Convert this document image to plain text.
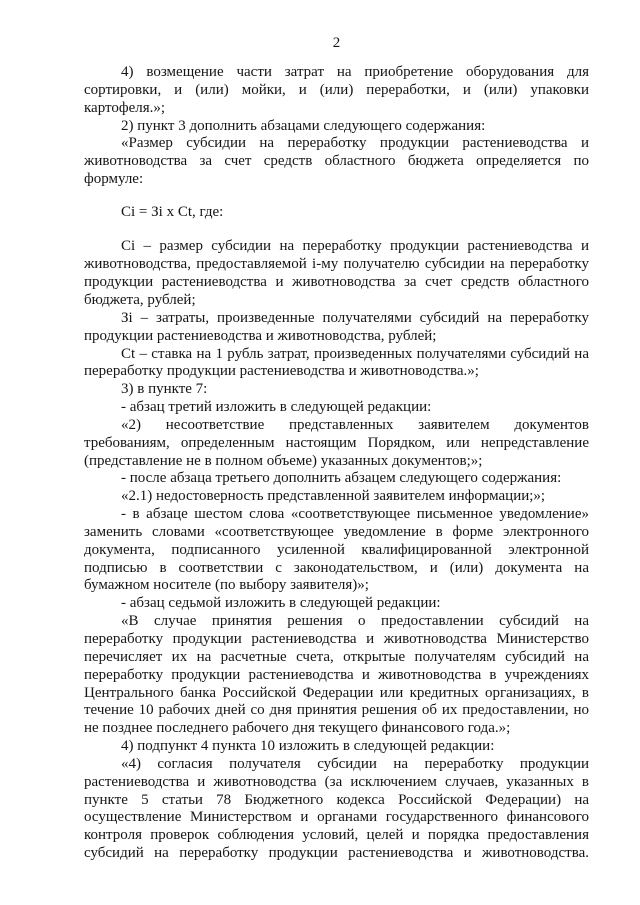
2
4) возмещение части затрат на приобретение оборудования для
сортировки, и (или) мойки, и (или) переработки, и (или) упаковки
картофеля.»;
2) пункт 3 дополнить абзацами следующего содержания:
«Размер субсидии на переработку продукции растениеводства и
животноводства за счет средств областного бюджета определяется по
формуле:
Сi = Зi x Сt, где:
Сi – размер субсидии на переработку продукции растениеводства и
животноводства, предоставляемой i-му получателю субсидии на переработку
продукции растениеводства и животноводства за счет средств областного
бюджета, рублей;
Зi – затраты, произведенные получателями субсидий на переработку
продукции растениеводства и животноводства, рублей;
Сt – ставка на 1 рубль затрат, произведенных получателями субсидий на
переработку продукции растениеводства и животноводства.»;
3) в пункте 7:
- абзац третий изложить в следующей редакции:
«2) несоответствие представленных заявителем документов
требованиям, определенным настоящим Порядком, или непредставление
(представление не в полном объеме) указанных документов;»;
- после абзаца третьего дополнить абзацем следующего содержания:
«2.1) недостоверность представленной заявителем информации;»;
- в абзаце шестом слова «соответствующее письменное уведомление»
заменить словами «соответствующее уведомление в форме электронного
документа, подписанного усиленной квалифицированной электронной
подписью в соответствии с законодательством, и (или) документа на
бумажном носителе (по выбору заявителя)»;
- абзац седьмой изложить в следующей редакции:
«В случае принятия решения о предоставлении субсидий на
переработку продукции растениеводства и животноводства Министерство
перечисляет их на расчетные счета, открытые получателям субсидий на
переработку продукции растениеводства и животноводства в учреждениях
Центрального банка Российской Федерации или кредитных организациях, в
течение 10 рабочих дней со дня принятия решения об их предоставлении, но
не позднее последнего рабочего дня текущего финансового года.»;
4) подпункт 4 пункта 10 изложить в следующей редакции:
«4) согласия получателя субсидии на переработку продукции
растениеводства и животноводства (за исключением случаев, указанных в
пункте 5 статьи 78 Бюджетного кодекса Российской Федерации) на
осуществление Министерством и органами государственного финансового
контроля проверок соблюдения условий, целей и порядка предоставления
субсидий на переработку продукции растениеводства и животноводства.
